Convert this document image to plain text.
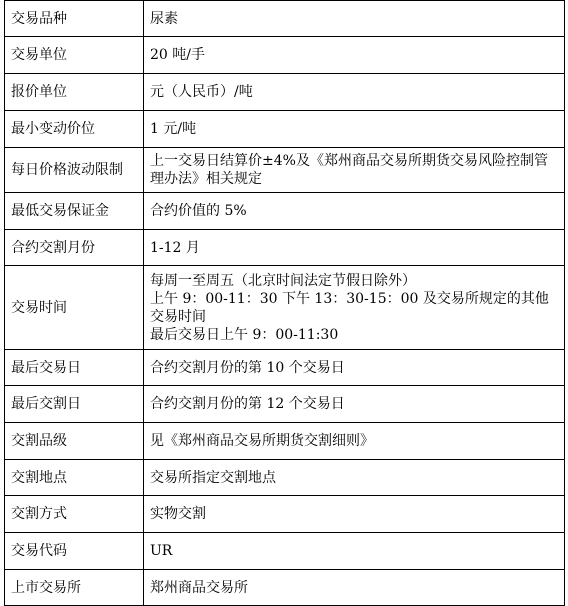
交易品种	尿素
交易单位	20 吨/手
报价单位	元（人民币）/吨
最小变动价位	1 元/吨
每日价格波动限制	上一交易日结算价±4%及《郑州商品交易所期货交易风险控制管理办法》相关规定
最低交易保证金	合约价值的 5%
合约交割月份	1-12 月
交易时间	每周一至周五（北京时间法定节假日除外）
上午 9：00-11：30 下午 13：30-15：00 及交易所规定的其他交易时间
最后交易日上午 9：00-11:30

最后交易日	合约交割月份的第 10 个交易日
最后交割日	合约交割月份的第 12 个交易日
交割品级	见《郑州商品交易所期货交割细则》
交割地点	交易所指定交割地点
交割方式	实物交割
交易代码	UR
上市交易所	郑州商品交易所
